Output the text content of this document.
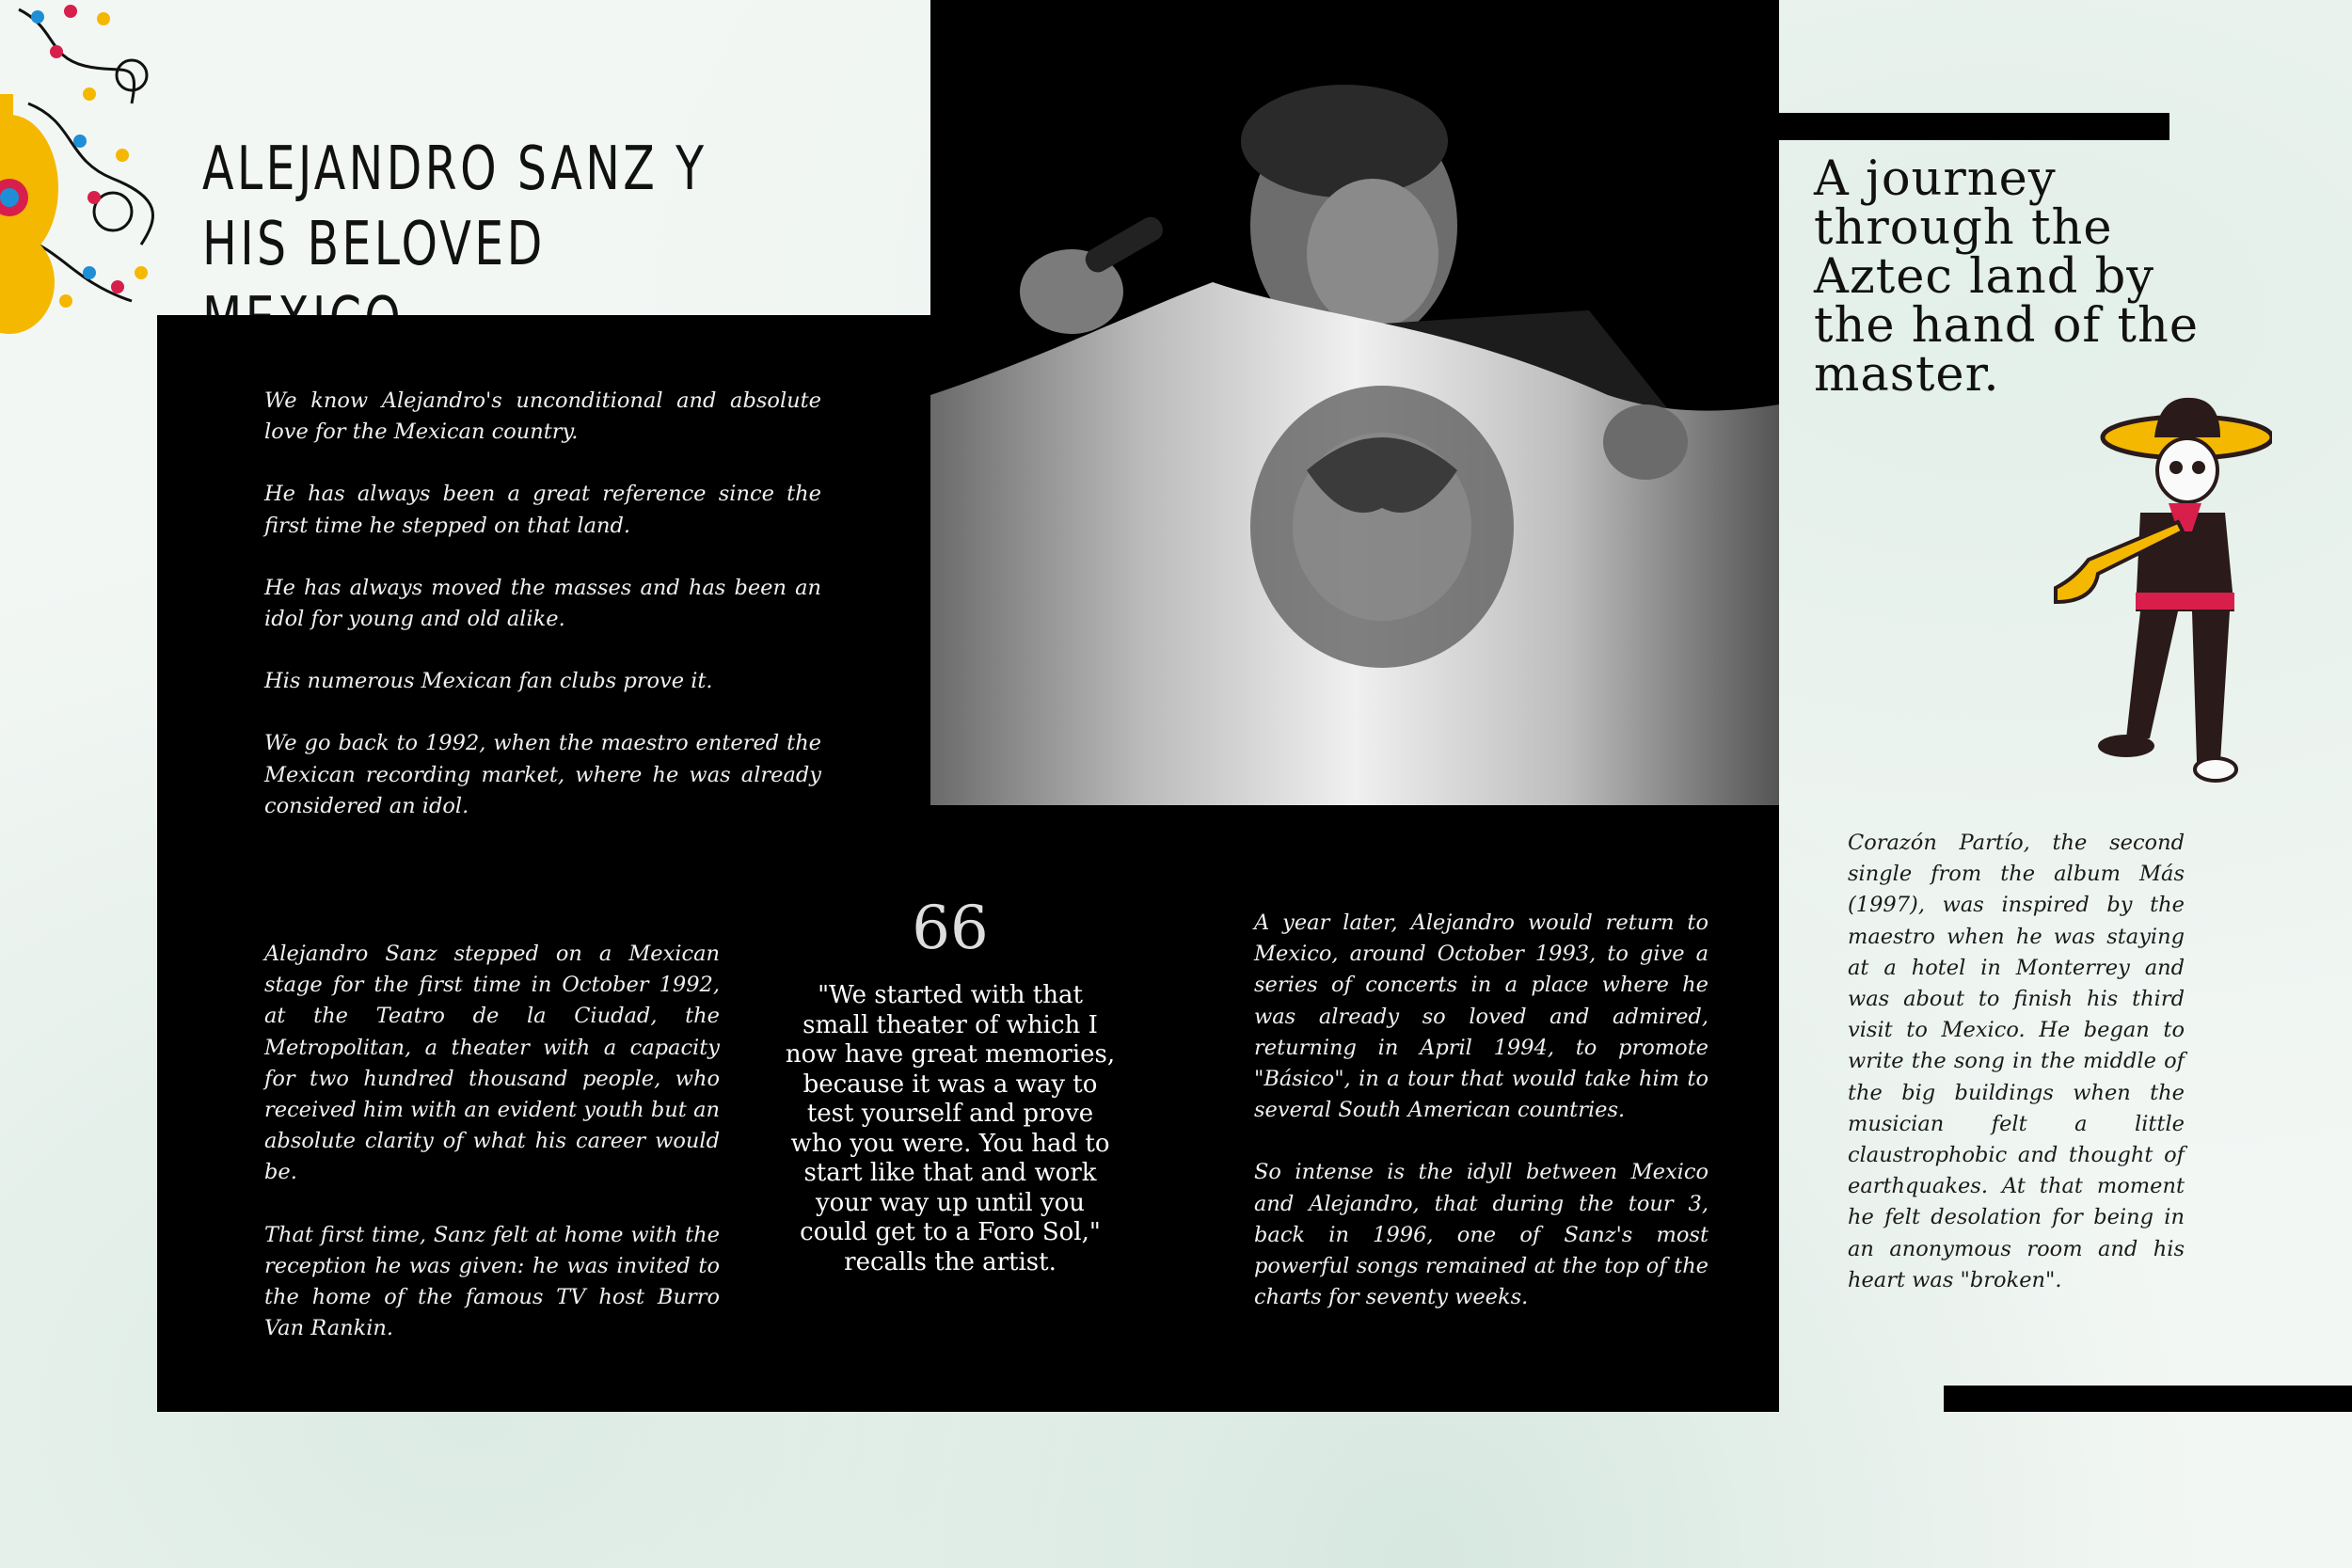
ALEJANDRO SANZ Y HIS BELOVED

We know Alejandro's unconditional and absolute love for the Mexican country.

He has always been a great reference since the first time he stepped on that land.

He has always moved the masses and has been an idol for young and old alike.

His numerous Mexican fan clubs prove it.

We go back to 1992, when the maestro entered the Mexican recording market, where he was already considered an idol.

Alejandro Sanz stepped on a Mexican stage for the first time in October 1992, at the Teatro de la Ciudad, the Metropolitan, a theater with a capacity for two hundred thousand people, who received him with an evident youth but an absolute clarity of what his career would be.

That first time, Sanz felt at home with the reception he was given: he was invited to the home of the famous TV host Burro Van Rankin.

66
"We started with that small theater of which I now have great memories, because it was a way to test yourself and prove who you were. You had to start like that and work your way up until you could get to a Foro Sol," recalls the artist.

A year later, Alejandro would return to Mexico, around October 1993, to give a series of concerts in a place where he was already so loved and admired, returning in April 1994, to promote "Básico", in a tour that would take him to several South American countries.

So intense is the idyll between Mexico and Alejandro, that during the tour 3, back in 1996, one of Sanz's most powerful songs remained at the top of the charts for seventy weeks.

A journey through the Aztec land by the hand of the master.

Corazón Partío, the second single from the album Más (1997), was inspired by the maestro when he was staying at a hotel in Monterrey and was about to finish his third visit to Mexico. He began to write the song in the middle of the big buildings when the musician felt a little claustrophobic and thought of earthquakes. At that moment he felt desolation for being in an anonymous room and his heart was "broken".
